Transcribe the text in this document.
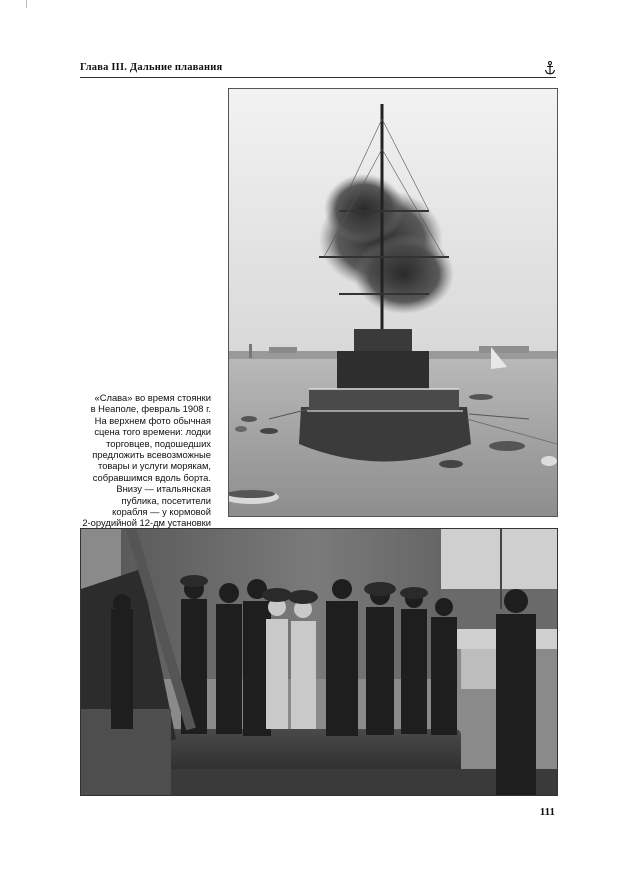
Глава III. Дальние плавания
«Слава» во время стоянки
в Неаполе, февраль 1908 г.
На верхнем фото обычная
сцена того времени: лодки
торговцев, подошедших
предложить всевозможные
товары и услуги морякам,
собравшимся вдоль борта.
Внизу — итальянская
публика, посетители
корабля — у кормовой
2-орудийной 12-дм установки
111
